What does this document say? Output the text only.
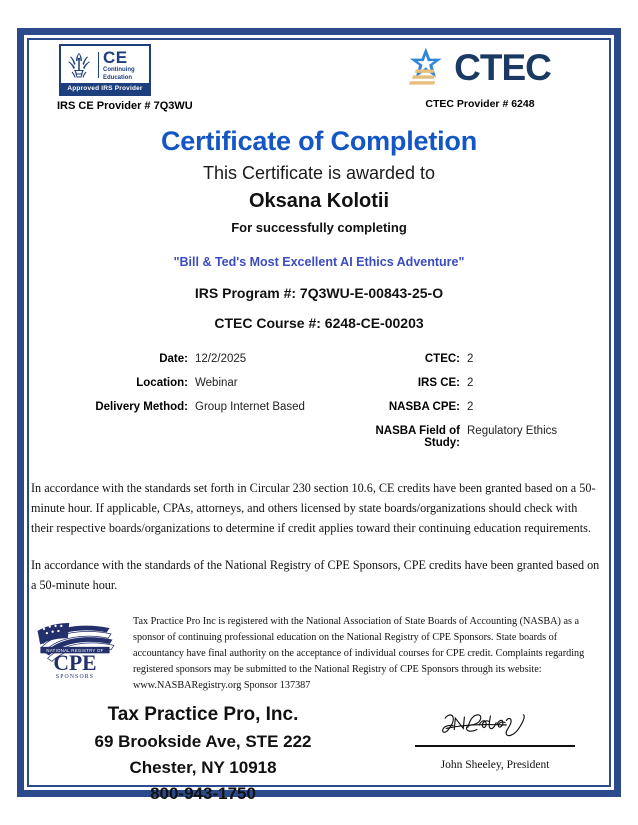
CE
Continuing
Education
Approved IRS Provider
IRS CE Provider # 7Q3WU
CTEC
CTEC Provider # 6248
Certificate of Completion
This Certificate is awarded to
Oksana Kolotii
For successfully completing
"Bill & Ted's Most Excellent AI Ethics Adventure"
IRS Program #: 7Q3WU-E-00843-25-O
CTEC Course #: 6248-CE-00203
Date: 12/2/2025	CTEC: 2
Location: Webinar	IRS CE: 2
Delivery Method: Group Internet Based	NASBA CPE: 2
NASBA Field of Study:
Regulatory Ethics
In accordance with the standards set forth in Circular 230 section 10.6, CE credits have been granted based on a 50-minute hour. If applicable, CPAs, attorneys, and others licensed by state boards/organizations should check with their respective boards/organizations to determine if credit applies toward their continuing education requirements.
In accordance with the standards of the National Registry of CPE Sponsors, CPE credits have been granted based on a 50-minute hour.
NATIONAL REGISTRY OF
CPE
SPONSORS
Tax Practice Pro Inc is registered with the National Association of State Boards of Accounting (NASBA) as a sponsor of continuing professional education on the National Registry of CPE Sponsors. State boards of accountancy have final authority on the acceptance of individual courses for CPE credit. Complaints regarding registered sponsors may be submitted to the National Registry of CPE Sponsors through its website: www.NASBARegistry.org Sponsor 137387
Tax Practice Pro, Inc.
69 Brookside Ave, STE 222
Chester, NY 10918
800-943-1750
John Sheeley, President
